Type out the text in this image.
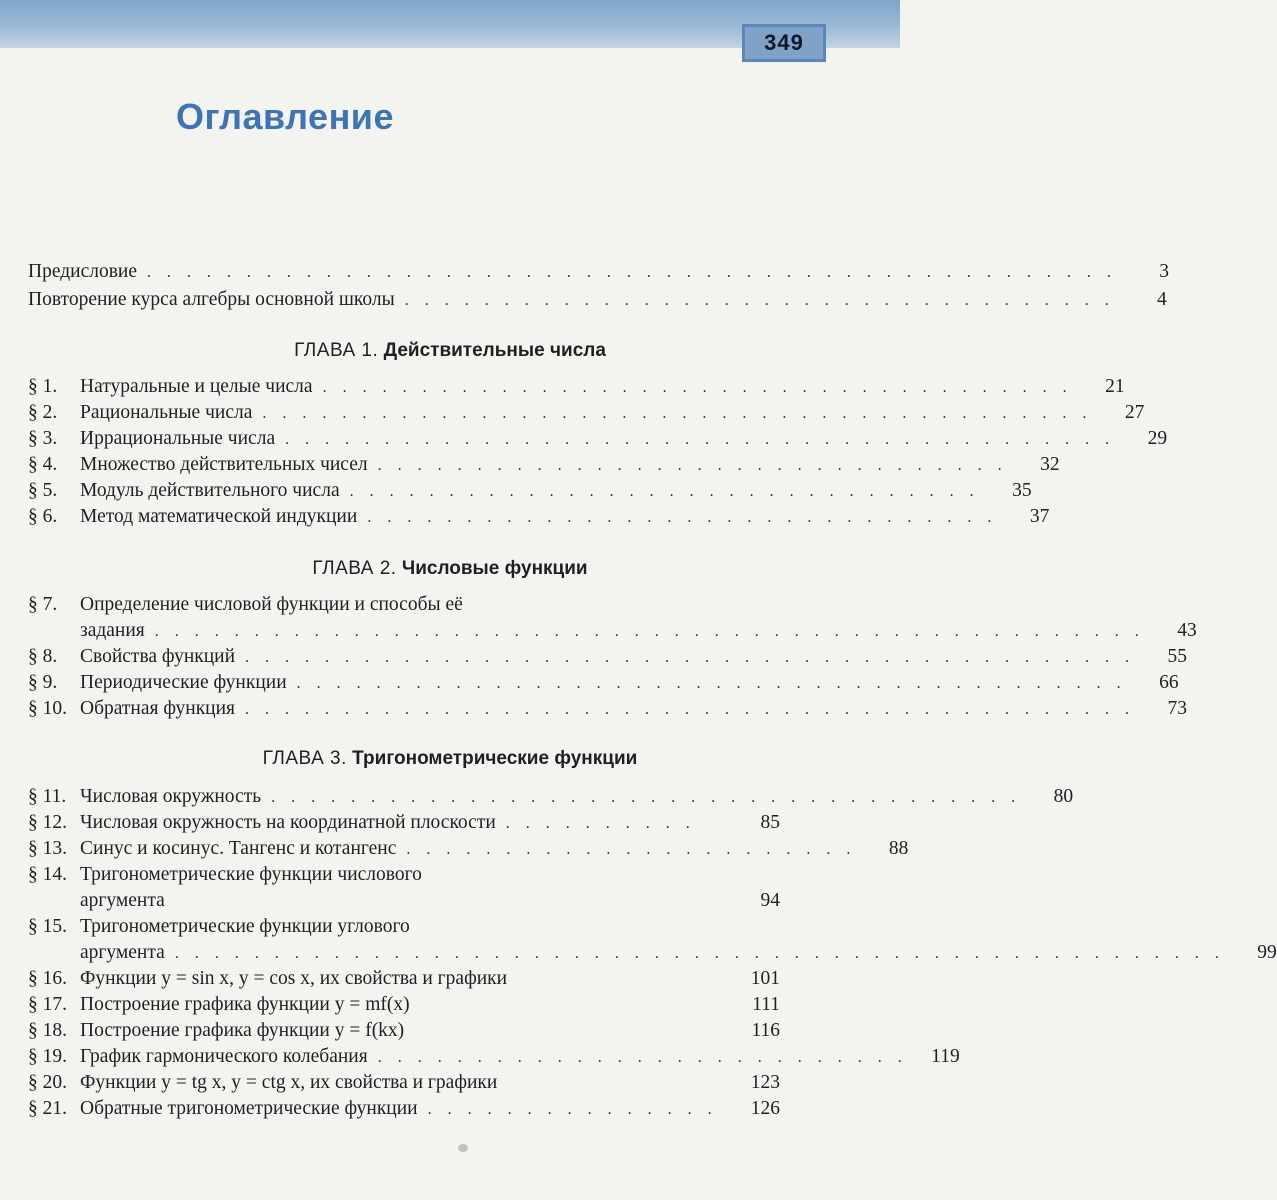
349
Оглавление
Предисловие . . . . . . . . . . . . . . . . . . . . . . . . . . . . . . . . . . . . . . . . . . . . . . . . .	3
Повторение курса алгебры основной школы . . . . . . . . . . . . . . . . . . . . . . . . . . . . . . . . . . . .	4
ГЛАВА 1. Действительные числа
§ 1.	Натуральные и целые числа . . . . . . . . . . . . . . . . . . . . . . . . . . . . . . . . . . . . . .	21
§ 2.	Рациональные числа . . . . . . . . . . . . . . . . . . . . . . . . . . . . . . . . . . . . . . . . . .	27
§ 3.	Иррациональные числа . . . . . . . . . . . . . . . . . . . . . . . . . . . . . . . . . . . . . . . . . .	29
§ 4.	Множество действительных чисел . . . . . . . . . . . . . . . . . . . . . . . . . . . . . . . .	32
§ 5.	Модуль действительного числа . . . . . . . . . . . . . . . . . . . . . . . . . . . . . . . .	35
§ 6.	Метод математической индукции . . . . . . . . . . . . . . . . . . . . . . . . . . . . . . . .	37
ГЛАВА 2. Числовые функции
§ 7.	Определение числовой функции и способы её
задания . . . . . . . . . . . . . . . . . . . . . . . . . . . . . . . . . . . . . . . . . . . . . . . . . .	43
§ 8.	Свойства функций . . . . . . . . . . . . . . . . . . . . . . . . . . . . . . . . . . . . . . . . . . . . .	55
§ 9.	Периодические функции . . . . . . . . . . . . . . . . . . . . . . . . . . . . . . . . . . . . . . . . . .	66
§ 10. Обратная функция . . . . . . . . . . . . . . . . . . . . . . . . . . . . . . . . . . . . . . . . . . . . .	73
ГЛАВА 3. Тригонометрические функции
§ 11. Числовая окружность . . . . . . . . . . . . . . . . . . . . . . . . . . . . . . . . . . . . . .	80
§ 12. Числовая окружность на координатной плоскости . . . . . . . . . .	85
§ 13. Синус и косинус. Тангенс и котангенс . . . . . . . . . . . . . . . . . . . . . . .	88
§ 14. Тригонометрические функции числового
аргумента	94
§ 15. Тригонометрические функции углового
аргумента . . . . . . . . . . . . . . . . . . . . . . . . . . . . . . . . . . . . . . . . . . . . . . . . . . . . .	99
§ 16. Функции y = sin x, y = cos x, их свойства и графики	101
§ 17. Построение графика функции y = mf(x)	111
§ 18. Построение графика функции y = f(kx)	116
§ 19. График гармонического колебания . . . . . . . . . . . . . . . . . . . . . . . . . . .	119
§ 20. Функции y = tg x, y = ctg x, их свойства и графики	123
§ 21. Обратные тригонометрические функции . . . . . . . . . . . . . . .	126
